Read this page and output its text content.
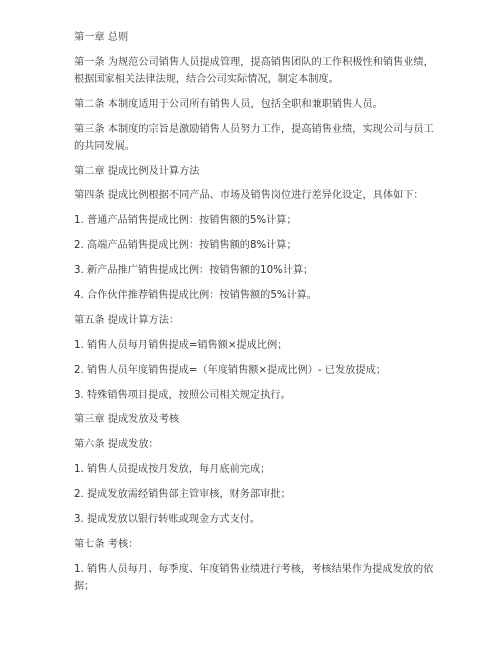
第一章 总则

第一条 为规范公司销售人员提成管理，提高销售团队的工作积极性和销售业绩，根据国家相关法律法规，结合公司实际情况，制定本制度。

第二条 本制度适用于公司所有销售人员，包括全职和兼职销售人员。

第三条 本制度的宗旨是激励销售人员努力工作，提高销售业绩，实现公司与员工的共同发展。

第二章 提成比例及计算方法

第四条 提成比例根据不同产品、市场及销售岗位进行差异化设定，具体如下：

1. 普通产品销售提成比例：按销售额的5%计算；

2. 高端产品销售提成比例：按销售额的8%计算；

3. 新产品推广销售提成比例：按销售额的10%计算；

4. 合作伙伴推荐销售提成比例：按销售额的5%计算。

第五条 提成计算方法：

1. 销售人员每月销售提成=销售额×提成比例；

2. 销售人员年度销售提成=（年度销售额×提成比例）- 已发放提成；

3. 特殊销售项目提成，按照公司相关规定执行。

第三章 提成发放及考核

第六条 提成发放：

1. 销售人员提成按月发放，每月底前完成；

2. 提成发放需经销售部主管审核，财务部审批；

3. 提成发放以银行转账或现金方式支付。

第七条 考核：

1. 销售人员每月、每季度、年度销售业绩进行考核，考核结果作为提成发放的依据；
